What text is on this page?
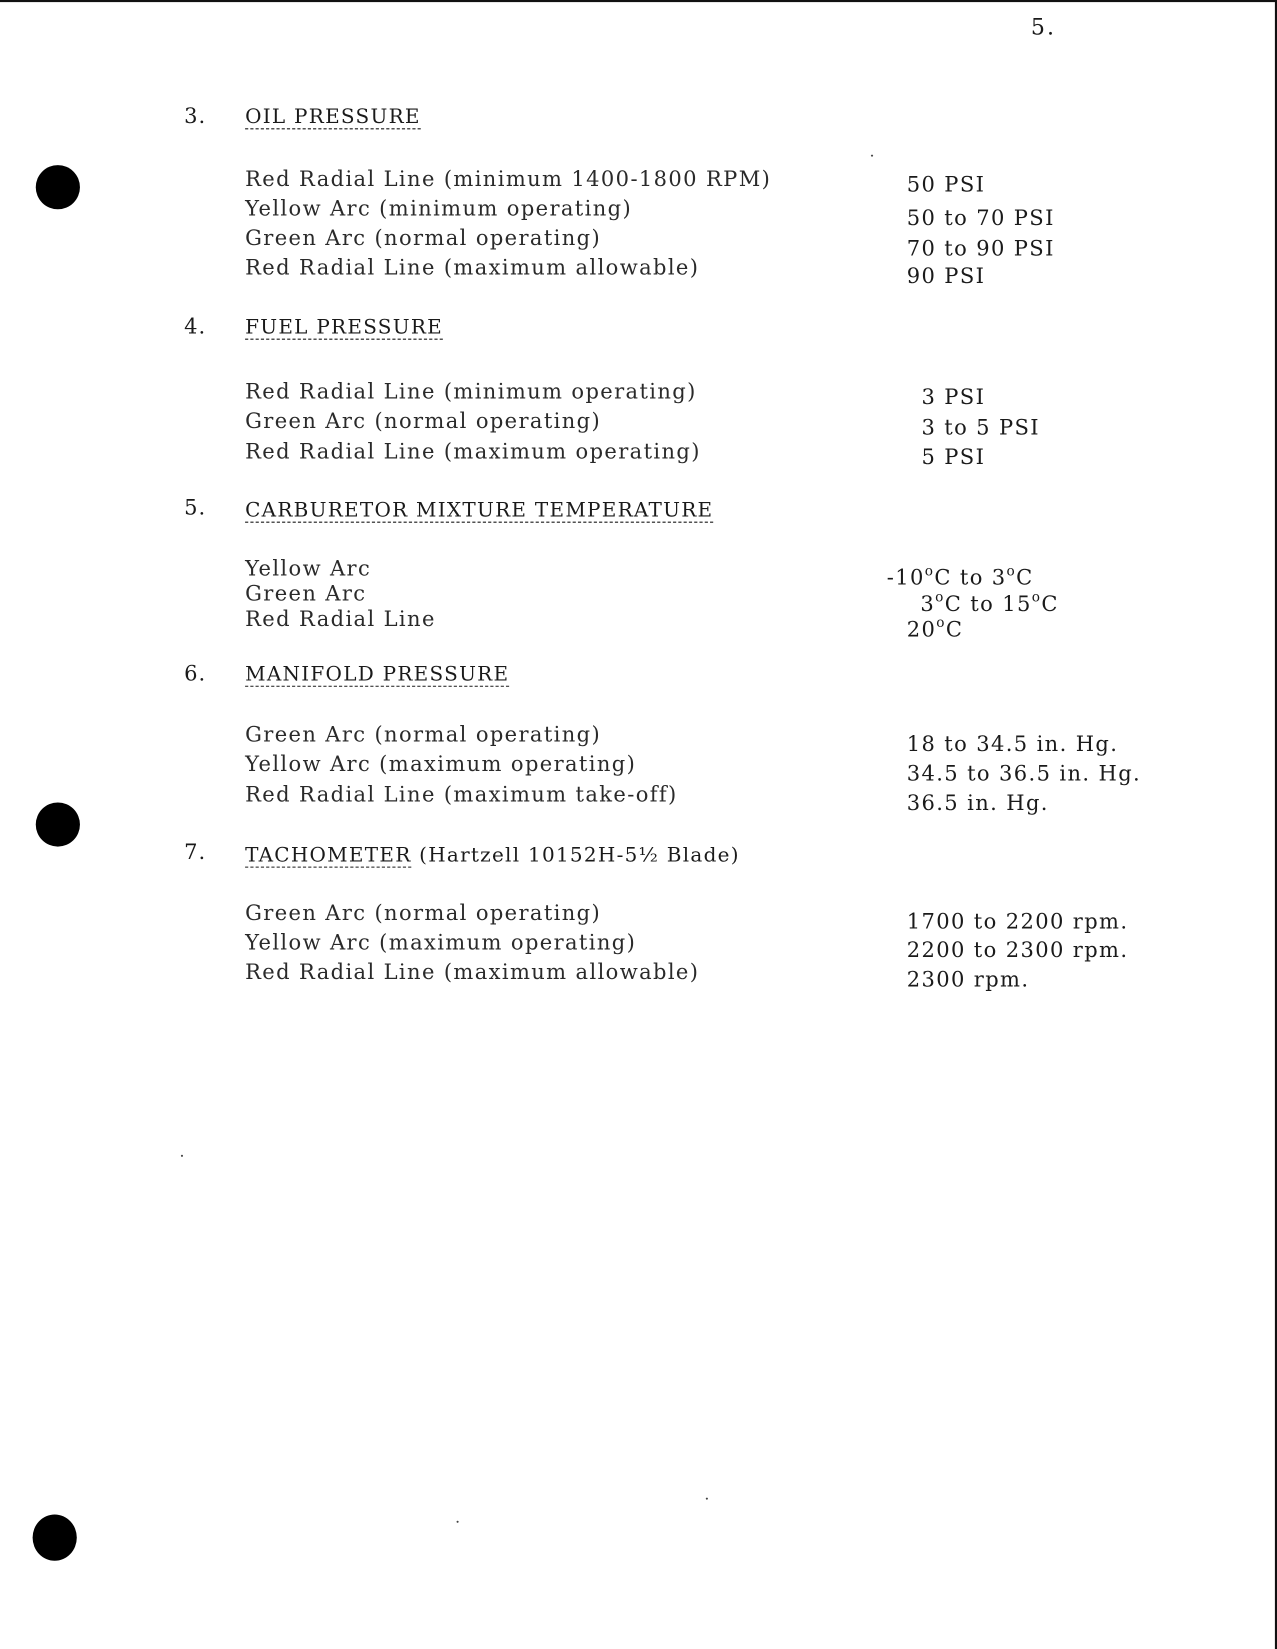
5.
3. OIL PRESSURE
Red Radial Line (minimum 1400-1800 RPM)	50 PSI
Yellow Arc (minimum operating)	50 to 70 PSI
Green Arc (normal operating)	70 to 90 PSI
Red Radial Line (maximum allowable)	90 PSI
4. FUEL PRESSURE
Red Radial Line (minimum operating)	3 PSI
Green Arc (normal operating)	3 to 5 PSI
Red Radial Line (maximum operating)	5 PSI
5. CARBURETOR MIXTURE TEMPERATURE
Yellow Arc	-10$^o$C to 3$^o$C
Green Arc	3$^o$C to 15$^o$C
Red Radial Line	20$^o$C
6. MANIFOLD PRESSURE
Green Arc (normal operating)	18 to 34.5 in. Hg.
Yellow Arc (maximum operating)	34.5 to 36.5 in. Hg.
Red Radial Line (maximum take-off)	36.5 in. Hg.
7. TACHOMETER (Hartzell 10152H-5½ Blade)
Green Arc (normal operating)	1700 to 2200 rpm.
Yellow Arc (maximum operating)	2200 to 2300 rpm.
Red Radial Line (maximum allowable)	2300 rpm.
